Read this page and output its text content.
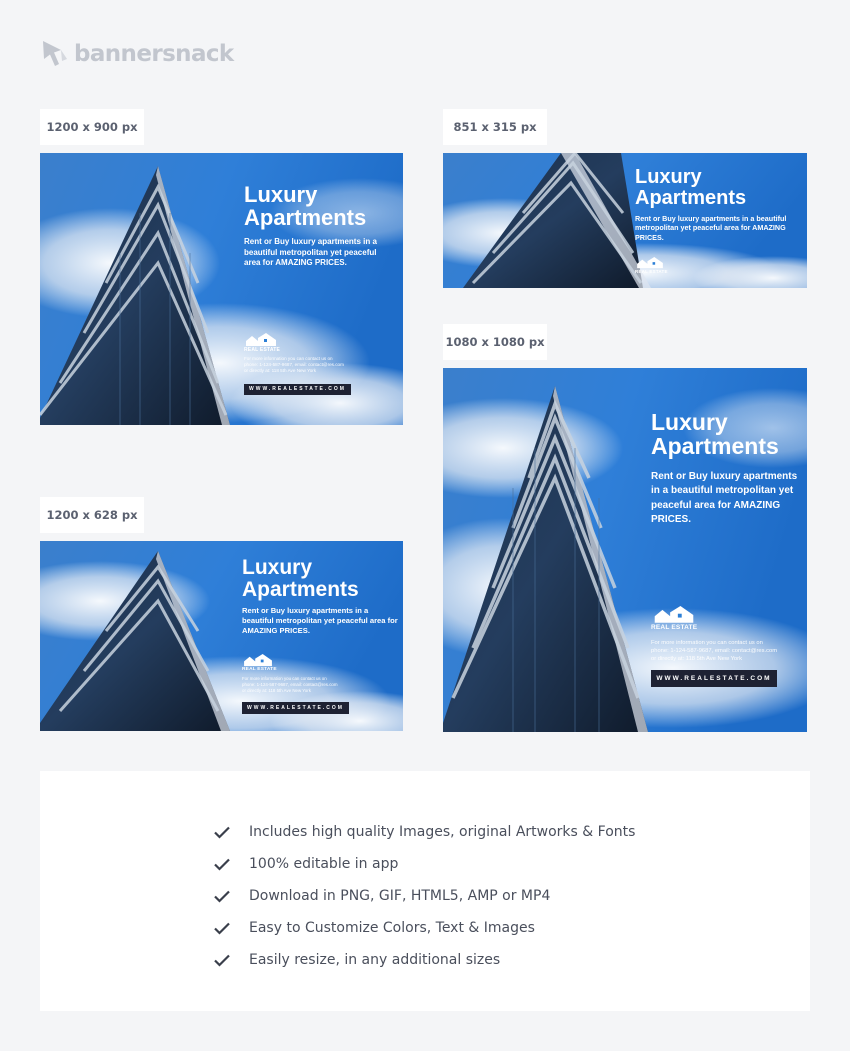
bannersnack
1200 x 900 px	851 x 315 px
1080 x 1080 px
1200 x 628 px
Luxury
Apartments
Rent or Buy luxury apartments in a beautiful metropolitan yet peaceful area for AMAZING PRICES.
REAL ESTATE
For more information you can contact us on
phone: 1-124-587-9687, email: contact@res.com
or directly at: 118 5th Ave New York
WWW.REALESTATE.COM
Luxury
Apartments
Rent or Buy luxury apartments in a beautiful metropolitan yet peaceful area for AMAZING PRICES.
REAL ESTATE
Luxury
Apartments
Rent or Buy luxury apartments in a beautiful metropolitan yet peaceful area for AMAZING PRICES.
REAL ESTATE
For more information you can contact us on
phone: 1-124-587-9687, email: contact@res.com
or directly at: 118 5th Ave New York
WWW.REALESTATE.COM
Luxury
Apartments
Rent or Buy luxury apartments in a beautiful metropolitan yet peaceful area for AMAZING PRICES.
REAL ESTATE
For more information you can contact us on
phone: 1-124-587-9687, email: contact@res.com
or directly at: 118 5th Ave New York
WWW.REALESTATE.COM
Includes high quality Images, original Artworks & Fonts
100% editable in app
Download in PNG, GIF, HTML5, AMP or MP4
Easy to Customize Colors, Text & Images
Easily resize, in any additional sizes
